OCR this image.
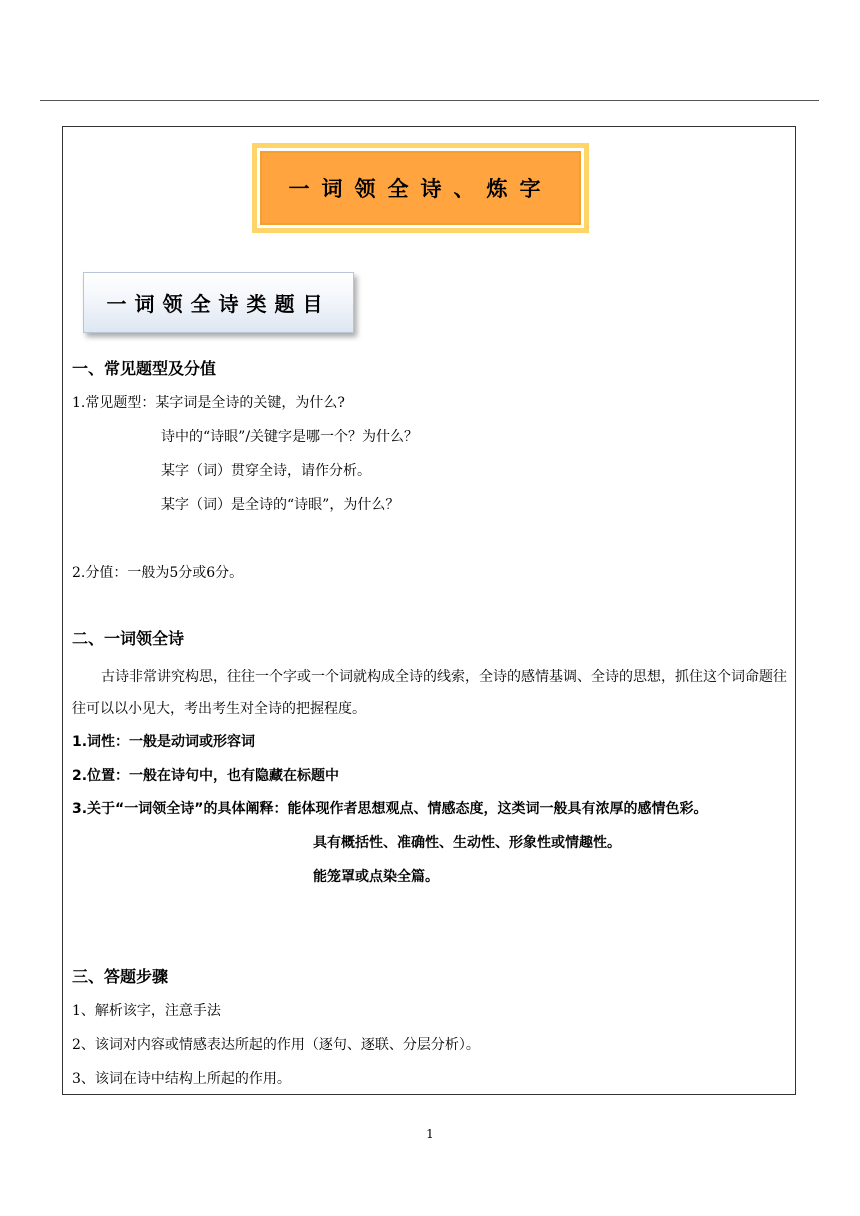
一词领全诗、炼字
一词领全诗类题目
一、常见题型及分值
1.常见题型：某字词是全诗的关键，为什么?
诗中的“诗眼”/关键字是哪一个？为什么？
某字（词）贯穿全诗，请作分析。
某字（词）是全诗的“诗眼”，为什么？
2.分值：一般为5分或6分。
二、一词领全诗
古诗非常讲究构思，往往一个字或一个词就构成全诗的线索，全诗的感情基调、全诗的思想，抓住这个词命题往往可以以小见大，考出考生对全诗的把握程度。
1.词性：一般是动词或形容词
2.位置：一般在诗句中，也有隐藏在标题中
3.关于“一词领全诗”的具体阐释：能体现作者思想观点、情感态度，这类词一般具有浓厚的感情色彩。
具有概括性、准确性、生动性、形象性或情趣性。
能笼罩或点染全篇。
三、答题步骤
1、解析该字，注意手法
2、该词对内容或情感表达所起的作用（逐句、逐联、分层分析）。
3、该词在诗中结构上所起的作用。
1
